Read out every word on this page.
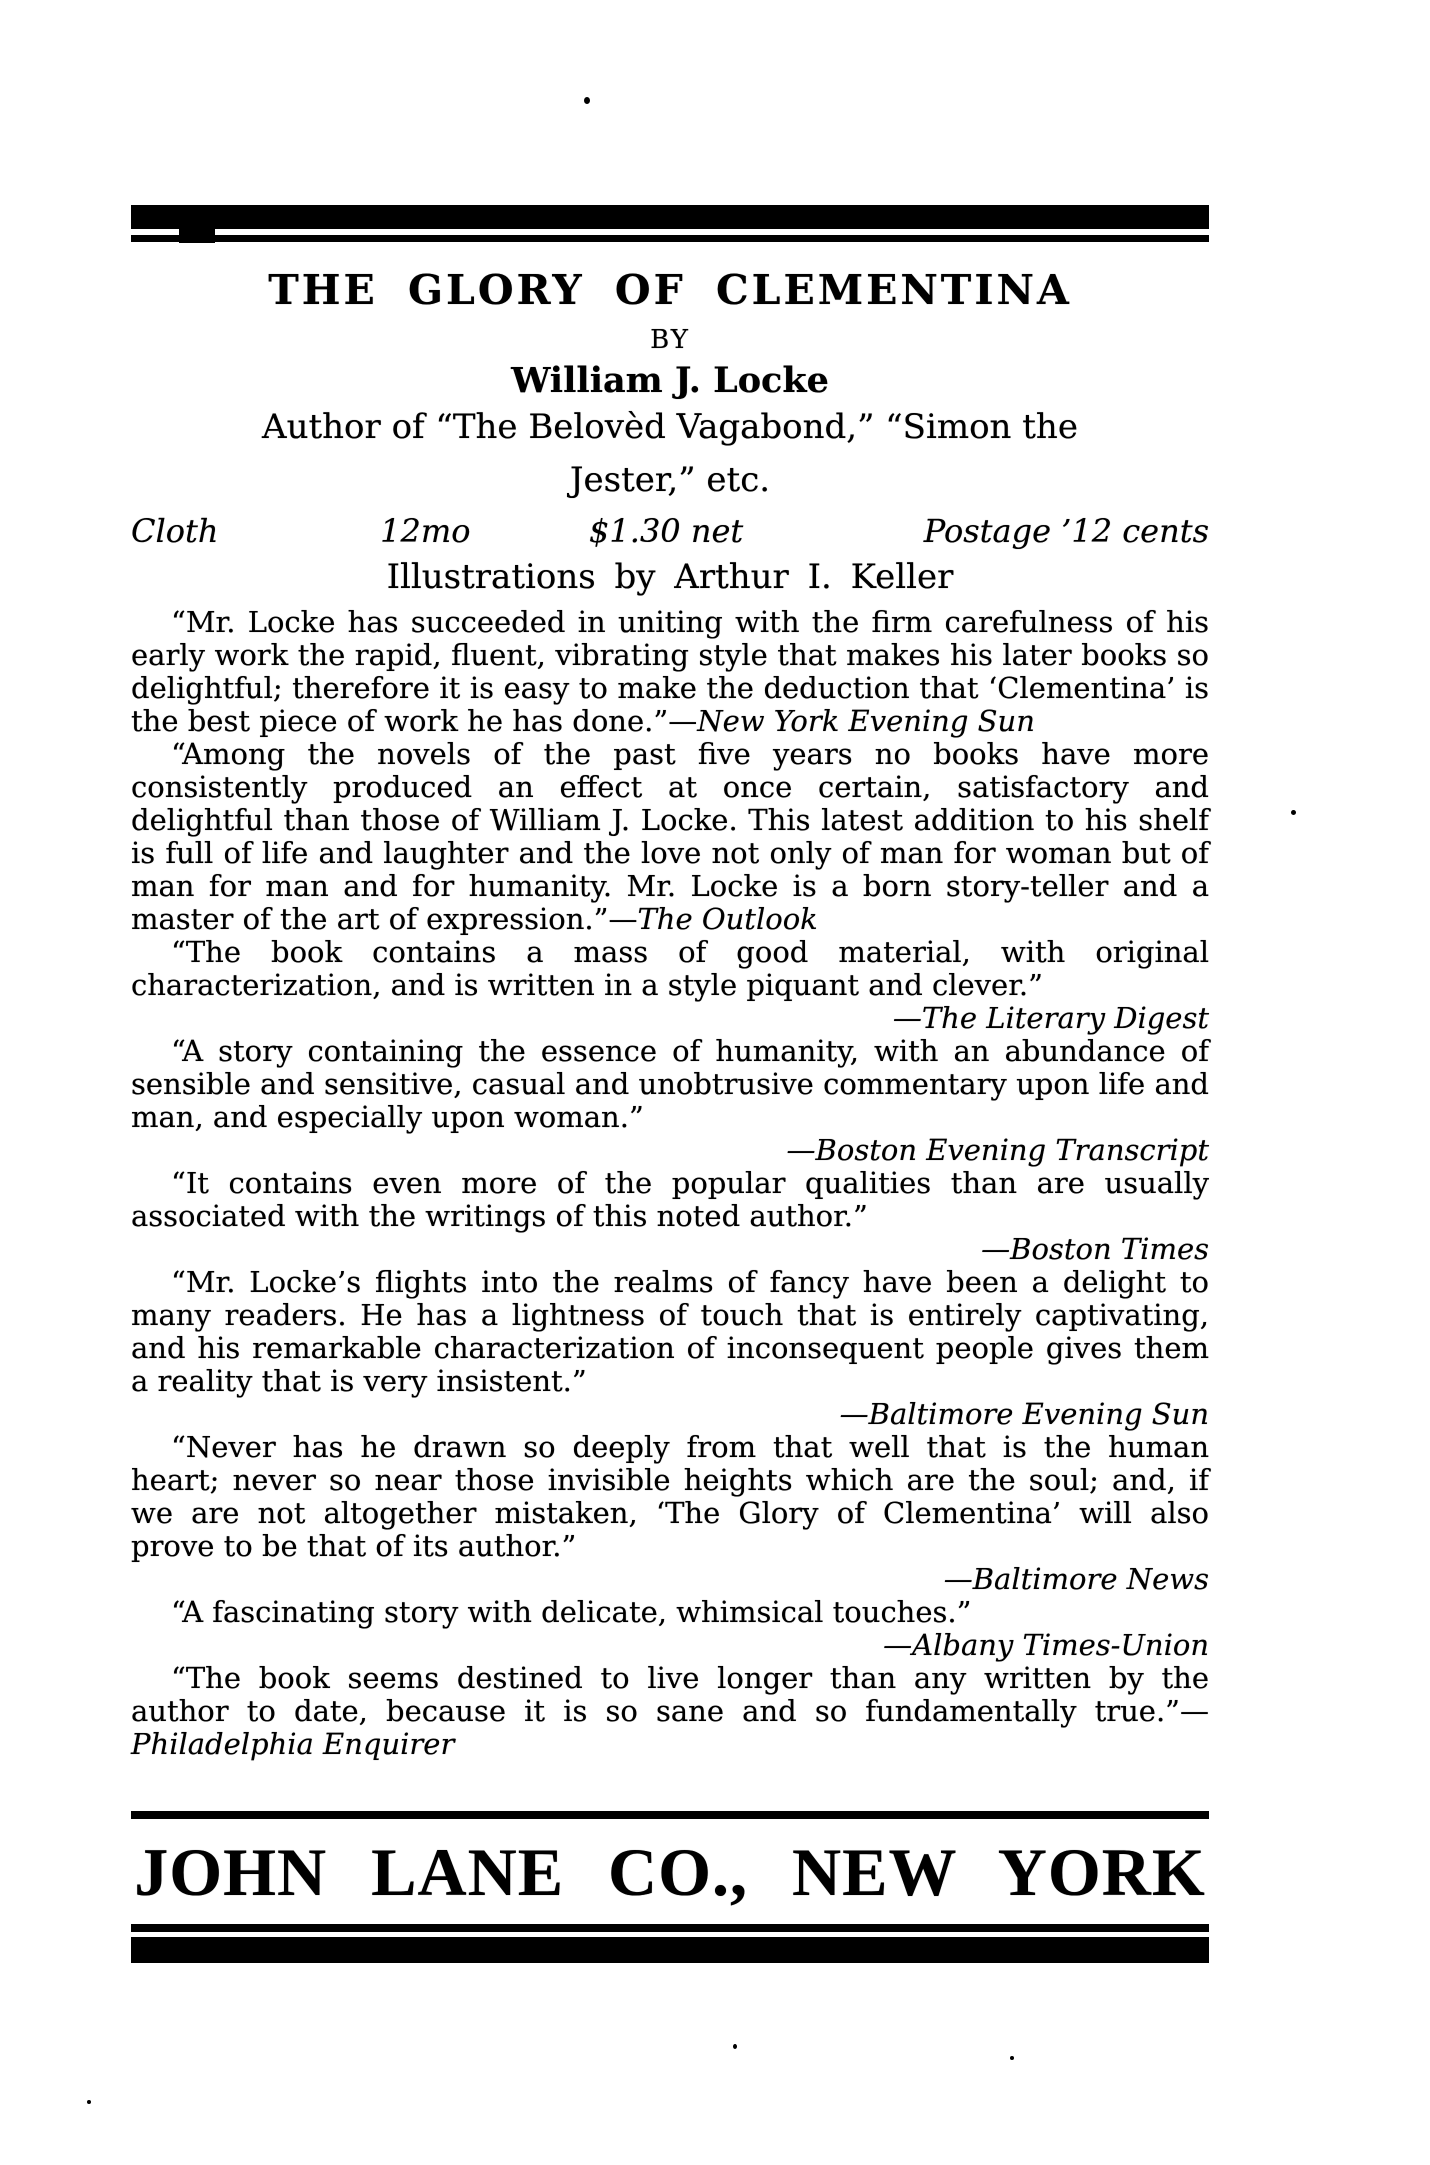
THE GLORY OF CLEMENTINA
BY
William J. Locke
Author of “The Belovèd Vagabond,” “Simon the
Jester,” etc.
Cloth	12mo	$1.30 net	Postage ’12 cents
Illustrations by Arthur I. Keller

“Mr. Locke has succeeded in uniting with the firm carefulness of his early work the rapid, fluent, vibrating style that makes his later books so delightful; therefore it is easy to make the deduction that ‘Clementina’ is the best piece of work he has done.”—New York Evening Sun

“Among the novels of the past five years no books have more consistently produced an effect at once certain, satisfactory and delightful than those of William J. Locke. This latest addition to his shelf is full of life and laughter and the love not only of man for woman but of man for man and for humanity. Mr. Locke is a born story-teller and a master of the art of expression.”—The Outlook

“The book contains a mass of good material, with original characterization, and is written in a style piquant and clever.”

—The Literary Digest

“A story containing the essence of humanity, with an abundance of sensible and sensitive, casual and unobtrusive commentary upon life and man, and especially upon woman.”

—Boston Evening Transcript

“It contains even more of the popular qualities than are usually associated with the writings of this noted author.”

—Boston Times

“Mr. Locke’s flights into the realms of fancy have been a delight to many readers. He has a lightness of touch that is entirely captivating, and his remarkable characterization of inconsequent people gives them a reality that is very insistent.”

—Baltimore Evening Sun

“Never has he drawn so deeply from that well that is the human heart; never so near those invisible heights which are the soul; and, if we are not altogether mistaken, ‘The Glory of Clementina’ will also prove to be that of its author.”

—Baltimore News

“A fascinating story with delicate, whimsical touches.”

—Albany Times-Union

“The book seems destined to live longer than any written by the author to date, because it is so sane and so fundamentally true.”—Philadelphia Enquirer

JOHN LANE CO., NEW YORK
